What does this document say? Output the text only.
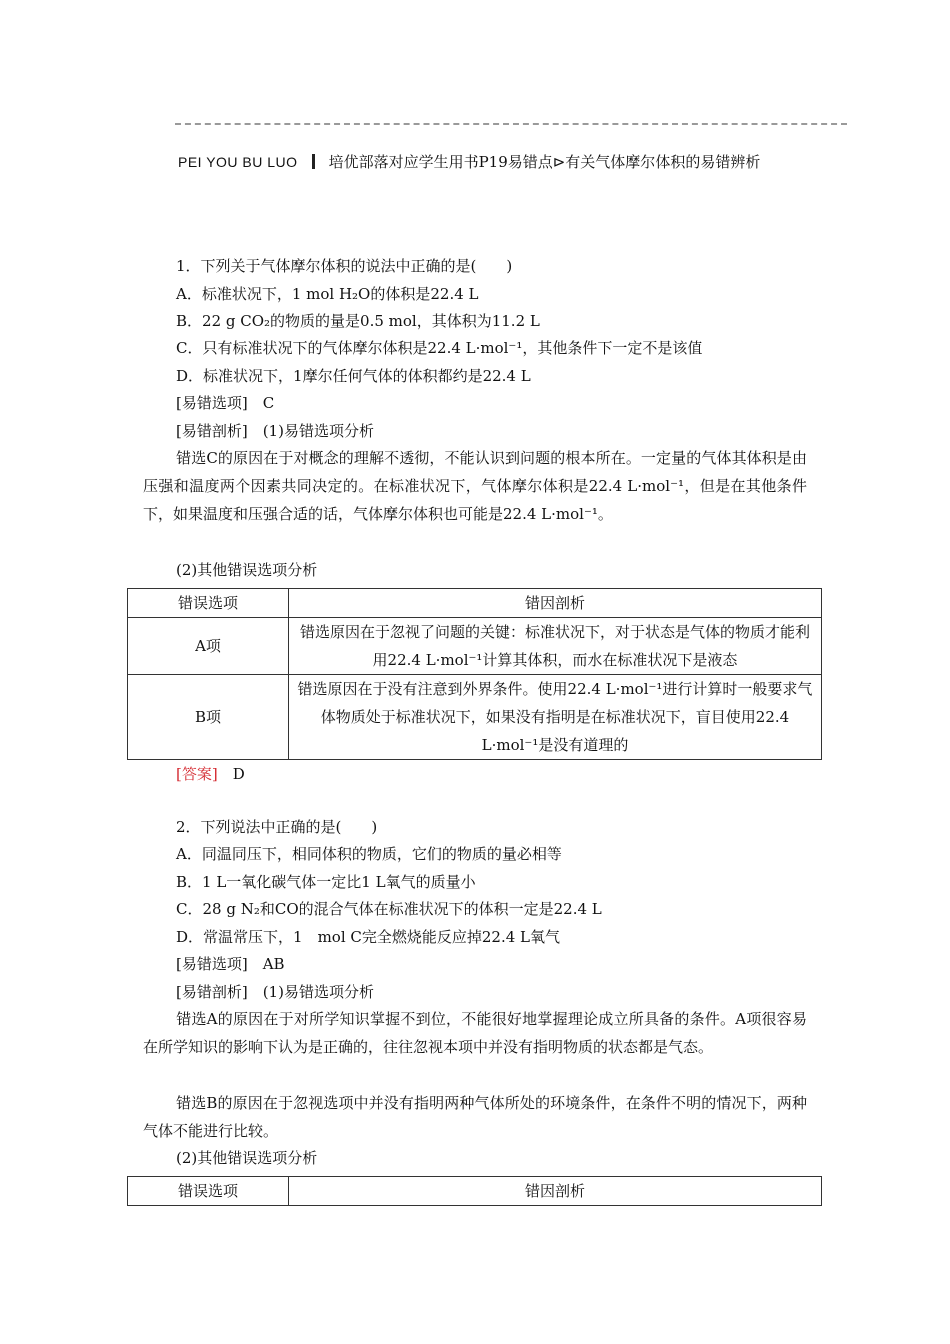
PEI YOU BU LUO 培优部落对应学生用书P19易错点⊳有关气体摩尔体积的易错辨析
1．下列关于气体摩尔体积的说法中正确的是(　　)
A．标准状况下，1 mol H₂O的体积是22.4 L
B．22 g CO₂的物质的量是0.5 mol，其体积为11.2 L
C．只有标准状况下的气体摩尔体积是22.4 L·mol⁻¹，其他条件下一定不是该值
D．标准状况下，1摩尔任何气体的体积都约是22.4 L
[易错选项]　C
[易错剖析]　(1)易错选项分析
错选C的原因在于对概念的理解不透彻，不能认识到问题的根本所在。一定量的气体其体积是由压强和温度两个因素共同决定的。在标准状况下，气体摩尔体积是22.4 L·mol⁻¹，但是在其他条件下，如果温度和压强合适的话，气体摩尔体积也可能是22.4 L·mol⁻¹。
(2)其他错误选项分析
错误选项	错因剖析
A项	错选原因在于忽视了问题的关键：标准状况下，对于状态是气体的物质才能利用22.4 L·mol⁻¹计算其体积，而水在标准状况下是液态
B项	错选原因在于没有注意到外界条件。使用22.4 L·mol⁻¹进行计算时一般要求气体物质处于标准状况下，如果没有指明是在标准状况下，盲目使用22.4 L·mol⁻¹是没有道理的
[答案]　 D
2．下列说法中正确的是(　　)
A．同温同压下，相同体积的物质，它们的物质的量必相等
B．1 L一氧化碳气体一定比1 L氧气的质量小
C．28 g N₂和CO的混合气体在标准状况下的体积一定是22.4 L
D．常温常压下，1　mol C完全燃烧能反应掉22.4 L氧气
[易错选项]　AB
[易错剖析]　(1)易错选项分析
错选A的原因在于对所学知识掌握不到位，不能很好地掌握理论成立所具备的条件。A项很容易在所学知识的影响下认为是正确的，往往忽视本项中并没有指明物质的状态都是气态。
错选B的原因在于忽视选项中并没有指明两种气体所处的环境条件，在条件不明的情况下，两种气体不能进行比较。
(2)其他错误选项分析
错误选项	错因剖析
